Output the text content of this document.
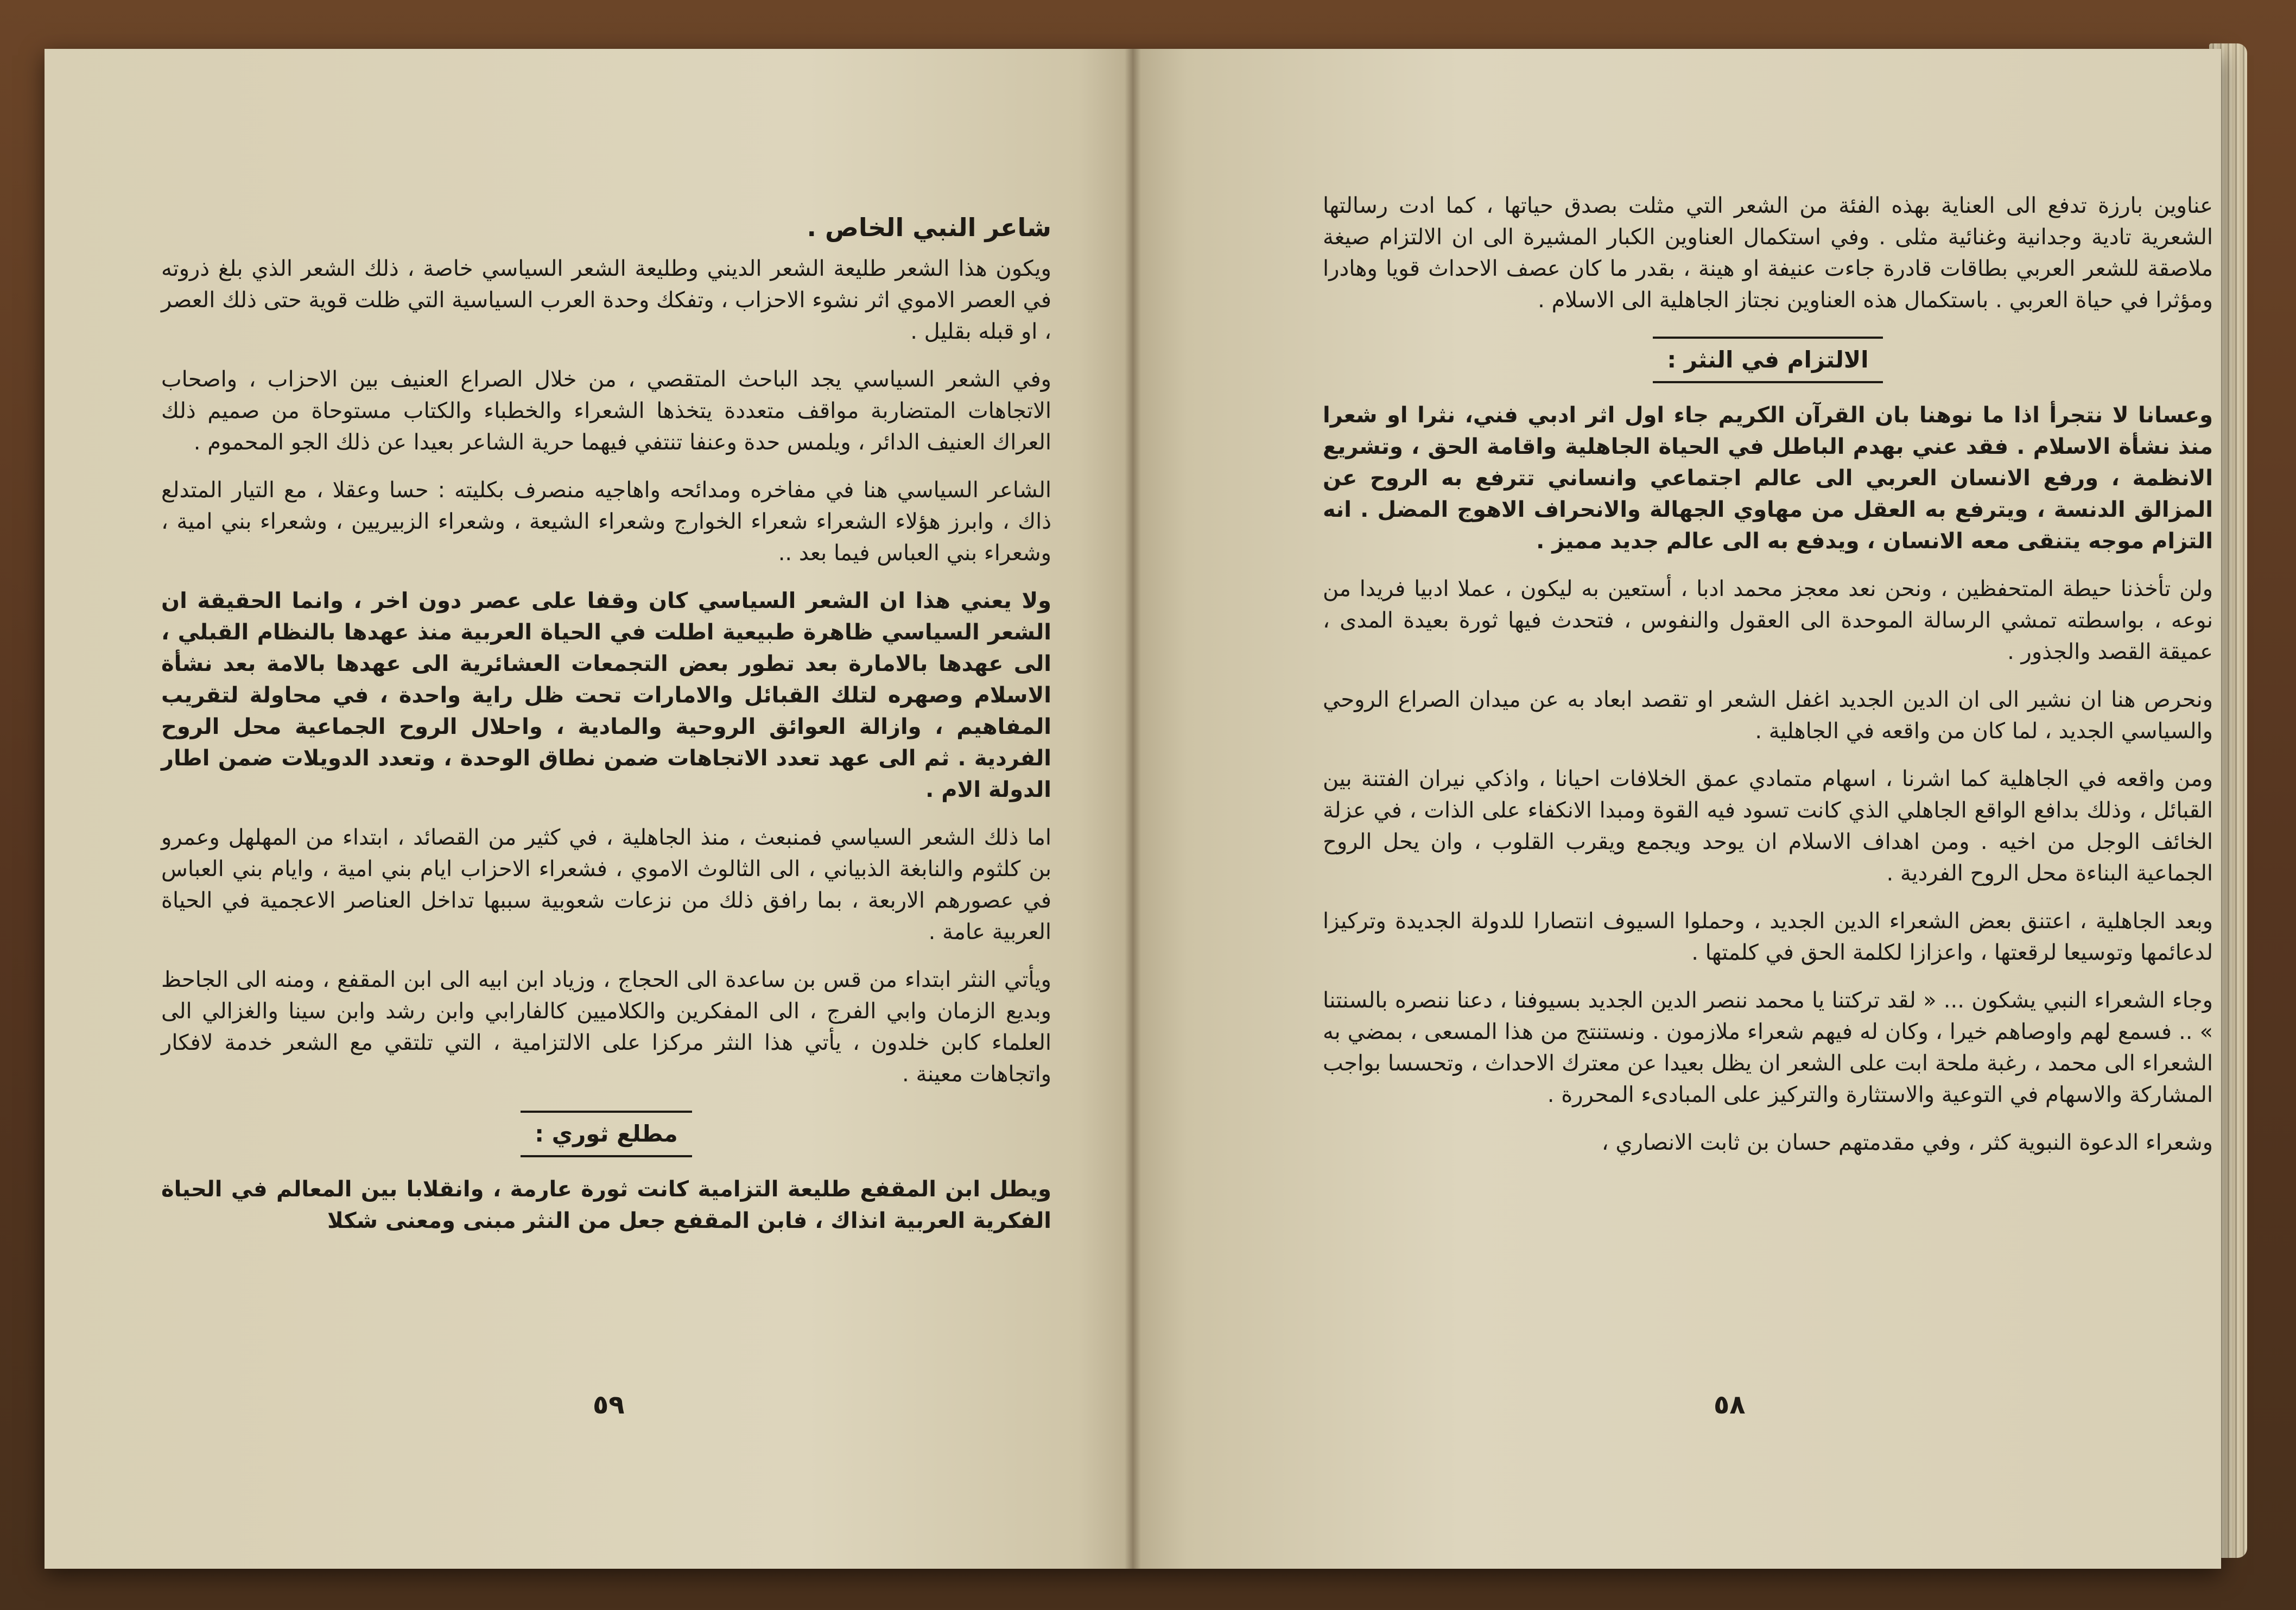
شاعر النبي الخاص .

ويكون هذا الشعر طليعة الشعر الديني وطليعة الشعر السياسي خاصة ، ذلك الشعر الذي بلغ ذروته في العصر الاموي اثر نشوء الاحزاب ، وتفكك وحدة العرب السياسية التي ظلت قوية حتى ذلك العصر ، او قبله بقليل .

وفي الشعر السياسي يجد الباحث المتقصي ، من خلال الصراع العنيف بين الاحزاب ، واصحاب الاتجاهات المتضاربة مواقف متعددة يتخذها الشعراء والخطباء والكتاب مستوحاة من صميم ذلك العراك العنيف الدائر ، ويلمس حدة وعنفا تنتفي فيهما حرية الشاعر بعيدا عن ذلك الجو المحموم .

الشاعر السياسي هنا في مفاخره ومدائحه واهاجيه منصرف بكليته : حسا وعقلا ، مع التيار المتدلع ذاك ، وابرز هؤلاء الشعراء شعراء الخوارج وشعراء الشيعة ، وشعراء الزبيريين ، وشعراء بني امية ، وشعراء بني العباس فيما بعد ..

ولا يعني هذا ان الشعر السياسي كان وقفا على عصر دون اخر ، وانما الحقيقة ان الشعر السياسي ظاهرة طبيعية اطلت في الحياة العربية منذ عهدها بالنظام القبلي ، الى عهدها بالامارة بعد تطور بعض التجمعات العشائرية الى عهدها بالامة بعد نشأة الاسلام وصهره لتلك القبائل والامارات تحت ظل راية واحدة ، في محاولة لتقريب المفاهيم ، وازالة العوائق الروحية والمادية ، واحلال الروح الجماعية محل الروح الفردية . ثم الى عهد تعدد الاتجاهات ضمن نطاق الوحدة ، وتعدد الدويلات ضمن اطار الدولة الام .

اما ذلك الشعر السياسي فمنبعث ، منذ الجاهلية ، في كثير من القصائد ، ابتداء من المهلهل وعمرو بن كلثوم والنابغة الذبياني ، الى الثالوث الاموي ، فشعراء الاحزاب ايام بني امية ، وايام بني العباس في عصورهم الاربعة ، بما رافق ذلك من نزعات شعوبية سببها تداخل العناصر الاعجمية في الحياة العربية عامة .

ويأتي النثر ابتداء من قس بن ساعدة الى الحجاج ، وزياد ابن ابيه الى ابن المقفع ، ومنه الى الجاحظ وبديع الزمان وابي الفرج ، الى المفكرين والكلاميين كالفارابي وابن رشد وابن سينا والغزالي الى العلماء كابن خلدون ، يأتي هذا النثر مركزا على الالتزامية ، التي تلتقي مع الشعر خدمة لافكار واتجاهات معينة .

مطلع ثوري :

ويطل ابن المقفع طليعة التزامية كانت ثورة عارمة ، وانقلابا بين المعالم في الحياة الفكرية العربية انذاك ، فابن المقفع جعل من النثر مبنى ومعنى شكلا

٥٩

عناوين بارزة تدفع الى العناية بهذه الفئة من الشعر التي مثلت بصدق حياتها ، كما ادت رسالتها الشعرية تادية وجدانية وغنائية مثلى . وفي استكمال العناوين الكبار المشيرة الى ان الالتزام صيغة ملاصقة للشعر العربي بطاقات قادرة جاءت عنيفة او هينة ، بقدر ما كان عصف الاحداث قويا وهادرا ومؤثرا في حياة العربي . باستكمال هذه العناوين نجتاز الجاهلية الى الاسلام .

الالتزام في النثر :

وعسانا لا نتجرأ اذا ما نوهنا بان القرآن الكريم جاء اول اثر ادبي فني، نثرا او شعرا منذ نشأة الاسلام . فقد عني بهدم الباطل في الحياة الجاهلية واقامة الحق ، وتشريع الانظمة ، ورفع الانسان العربي الى عالم اجتماعي وانساني تترفع به الروح عن المزالق الدنسة ، ويترفع به العقل من مهاوي الجهالة والانحراف الاهوج المضل . انه التزام موجه يتنقى معه الانسان ، ويدفع به الى عالم جديد مميز .

ولن تأخذنا حيطة المتحفظين ، ونحن نعد معجز محمد ادبا ، أستعين به ليكون ، عملا ادبيا فريدا من نوعه ، بواسطته تمشي الرسالة الموحدة الى العقول والنفوس ، فتحدث فيها ثورة بعيدة المدى ، عميقة القصد والجذور .

ونحرص هنا ان نشير الى ان الدين الجديد اغفل الشعر او تقصد ابعاد به عن ميدان الصراع الروحي والسياسي الجديد ، لما كان من واقعه في الجاهلية .

ومن واقعه في الجاهلية كما اشرنا ، اسهام متمادي عمق الخلافات احيانا ، واذكي نيران الفتنة بين القبائل ، وذلك بدافع الواقع الجاهلي الذي كانت تسود فيه القوة ومبدا الانكفاء على الذات ، في عزلة الخائف الوجل من اخيه . ومن اهداف الاسلام ان يوحد ويجمع ويقرب القلوب ، وان يحل الروح الجماعية البناءة محل الروح الفردية .

وبعد الجاهلية ، اعتنق بعض الشعراء الدين الجديد ، وحملوا السيوف انتصارا للدولة الجديدة وتركيزا لدعائمها وتوسيعا لرقعتها ، واعزازا لكلمة الحق في كلمتها .

وجاء الشعراء النبي يشكون ... « لقد تركتنا يا محمد ننصر الدين الجديد بسيوفنا ، دعنا ننصره بالسنتنا » .. فسمع لهم واوصاهم خيرا ، وكان له فيهم شعراء ملازمون . ونستنتج من هذا المسعى ، بمضي به الشعراء الى محمد ، رغبة ملحة ابت على الشعر ان يظل بعيدا عن معترك الاحداث ، وتحسسا بواجب المشاركة والاسهام في التوعية والاستثارة والتركيز على المبادىء المحررة .

وشعراء الدعوة النبوية كثر ، وفي مقدمتهم حسان بن ثابت الانصاري ،

٥٨
